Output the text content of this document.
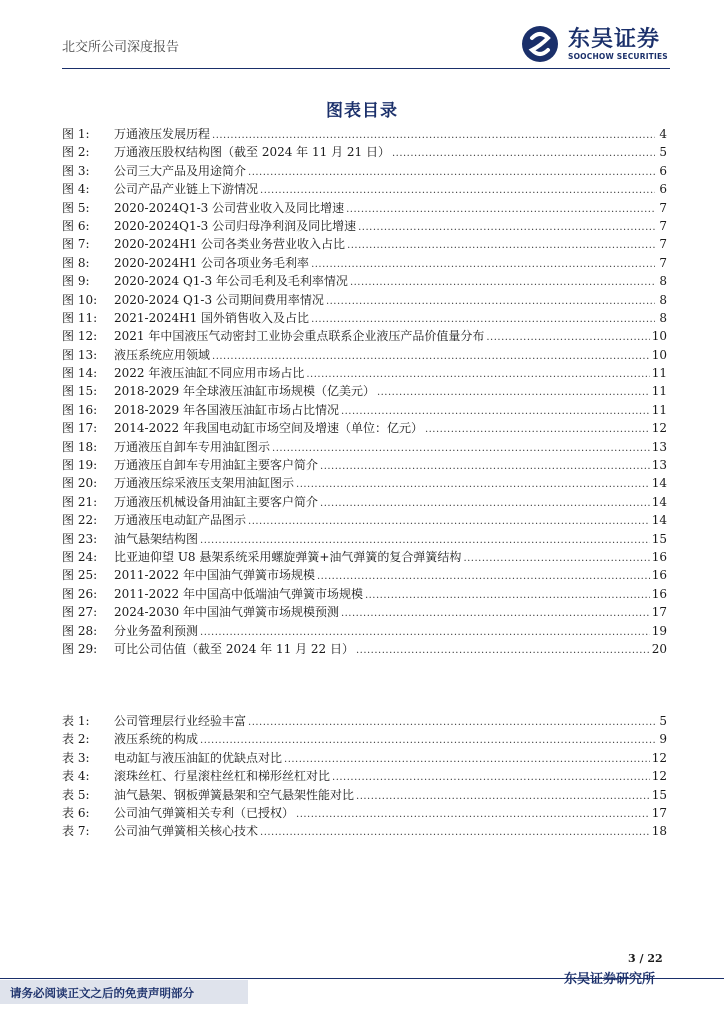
北交所公司深度报告	东吴证券
SOOCHOW SECURITIES
图表目录
图 1:	万通液压发展历程 .....	4
图 2:	万通液压股权结构图（截至 2024 年 11 月 21 日） .....	5
图 3:	公司三大产品及用途简介 .....	6
图 4:	公司产品产业链上下游情况 .....	6
图 5:	2020-2024Q1-3 公司营业收入及同比增速 .....	7
图 6:	2020-2024Q1-3 公司归母净利润及同比增速 .....	7
图 7:	2020-2024H1 公司各类业务营业收入占比 .....	7
图 8:	2020-2024H1 公司各项业务毛利率 .....	7
图 9:	2020-2024 Q1-3 年公司毛利及毛利率情况 .....	8
图 10:	2020-2024 Q1-3 公司期间费用率情况 .....	8
图 11:	2021-2024H1 国外销售收入及占比 .....	8
图 12:	2021 年中国液压气动密封工业协会重点联系企业液压产品价值量分布 .....	10
图 13:	液压系统应用领域 .....	10
图 14:	2022 年液压油缸不同应用市场占比 .....	11
图 15:	2018-2029 年全球液压油缸市场规模（亿美元） .....	11
图 16:	2018-2029 年各国液压油缸市场占比情况 .....	11
图 17:	2014-2022 年我国电动缸市场空间及增速（单位：亿元） .....	12
图 18:	万通液压自卸车专用油缸图示 .....	13
图 19:	万通液压自卸车专用油缸主要客户简介 .....	13
图 20:	万通液压综采液压支架用油缸图示 .....	14
图 21:	万通液压机械设备用油缸主要客户简介 .....	14
图 22:	万通液压电动缸产品图示 .....	14
图 23:	油气悬架结构图 .....	15
图 24:	比亚迪仰望 U8 悬架系统采用螺旋弹簧+油气弹簧的复合弹簧结构 .....	16
图 25:	2011-2022 年中国油气弹簧市场规模 .....	16
图 26:	2011-2022 年中国高中低端油气弹簧市场规模 .....	16
图 27:	2024-2030 年中国油气弹簧市场规模预测 .....	17
图 28:	分业务盈利预测 .....	19
图 29:	可比公司估值（截至 2024 年 11 月 22 日） .....	20
表 1:	公司管理层行业经验丰富 .....	5
表 2:	液压系统的构成 .....	9
表 3:	电动缸与液压油缸的优缺点对比 .....	12
表 4:	滚珠丝杠、行星滚柱丝杠和梯形丝杠对比 .....	12
表 5:	油气悬架、钢板弹簧悬架和空气悬架性能对比 .....	15
表 6:	公司油气弹簧相关专利（已授权） .....	17
表 7:	公司油气弹簧相关核心技术 .....	18
3 / 22
东吴证券研究所
请务必阅读正文之后的免责声明部分
